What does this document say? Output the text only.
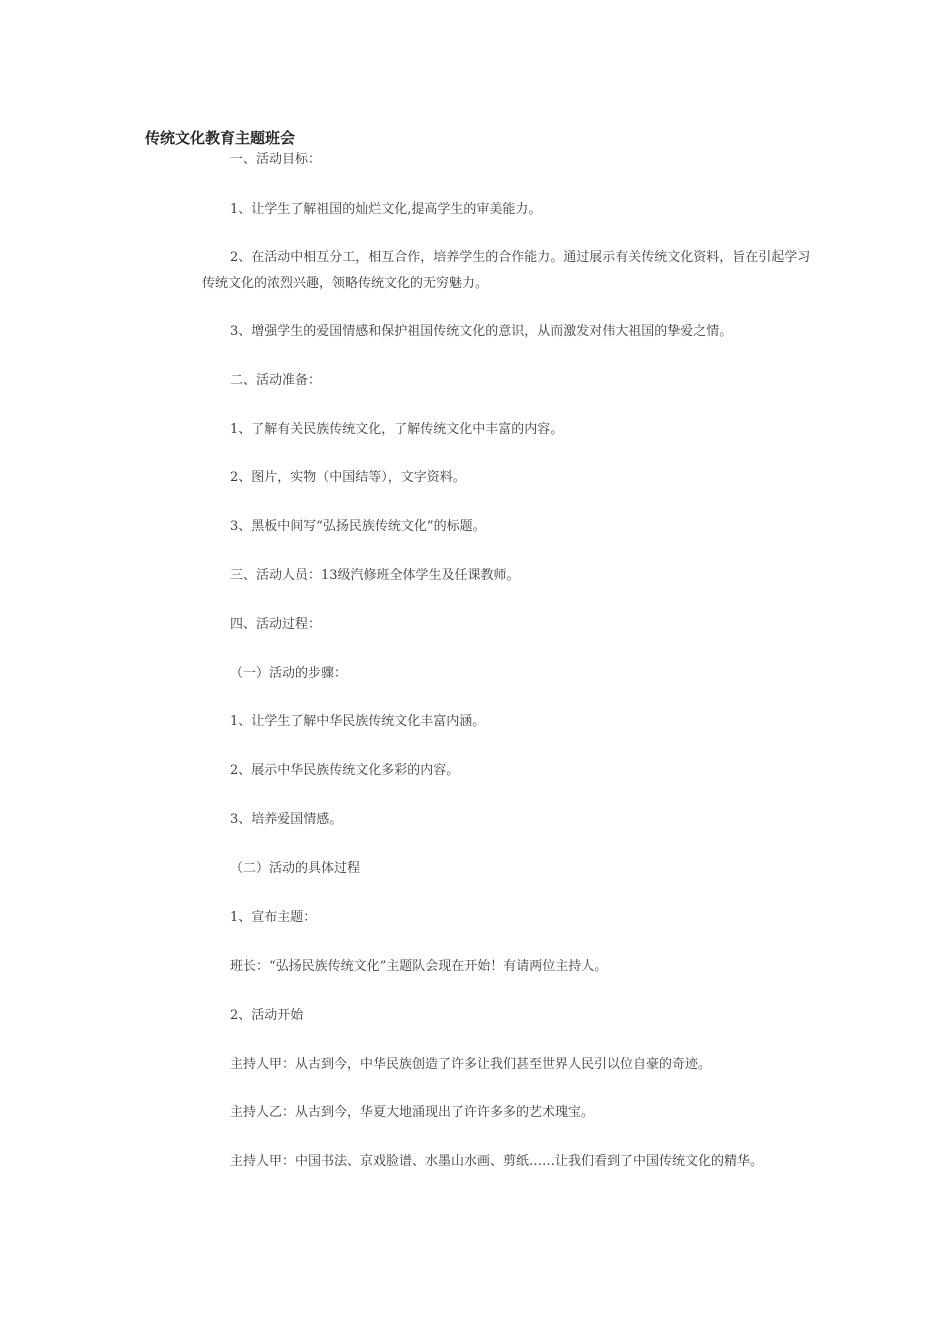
传统文化教育主题班会
一、活动目标：
1、让学生了解祖国的灿烂文化,提高学生的审美能力。
2、在活动中相互分工，相互合作，培养学生的合作能力。通过展示有关传统文化资料，旨在引起学习传统文化的浓烈兴趣，领略传统文化的无穷魅力。
3、增强学生的爱国情感和保护祖国传统文化的意识，从而激发对伟大祖国的挚爱之情。
二、活动准备：
1、了解有关民族传统文化，了解传统文化中丰富的内容。
2、图片，实物（中国结等），文字资料。
3、黑板中间写“弘扬民族传统文化”的标题。
三、活动人员：13级汽修班全体学生及任课教师。
四、活动过程：
（一）活动的步骤：
1、让学生了解中华民族传统文化丰富内涵。
2、展示中华民族传统文化多彩的内容。
3、培养爱国情感。
（二）活动的具体过程
1、宣布主题：
班长：“弘扬民族传统文化”主题队会现在开始！有请两位主持人。
2、活动开始
主持人甲：从古到今，中华民族创造了许多让我们甚至世界人民引以位自豪的奇迹。
主持人乙：从古到今，华夏大地涌现出了许许多多的艺术瑰宝。
主持人甲：中国书法、京戏脸谱、水墨山水画、剪纸……让我们看到了中国传统文化的精华。
